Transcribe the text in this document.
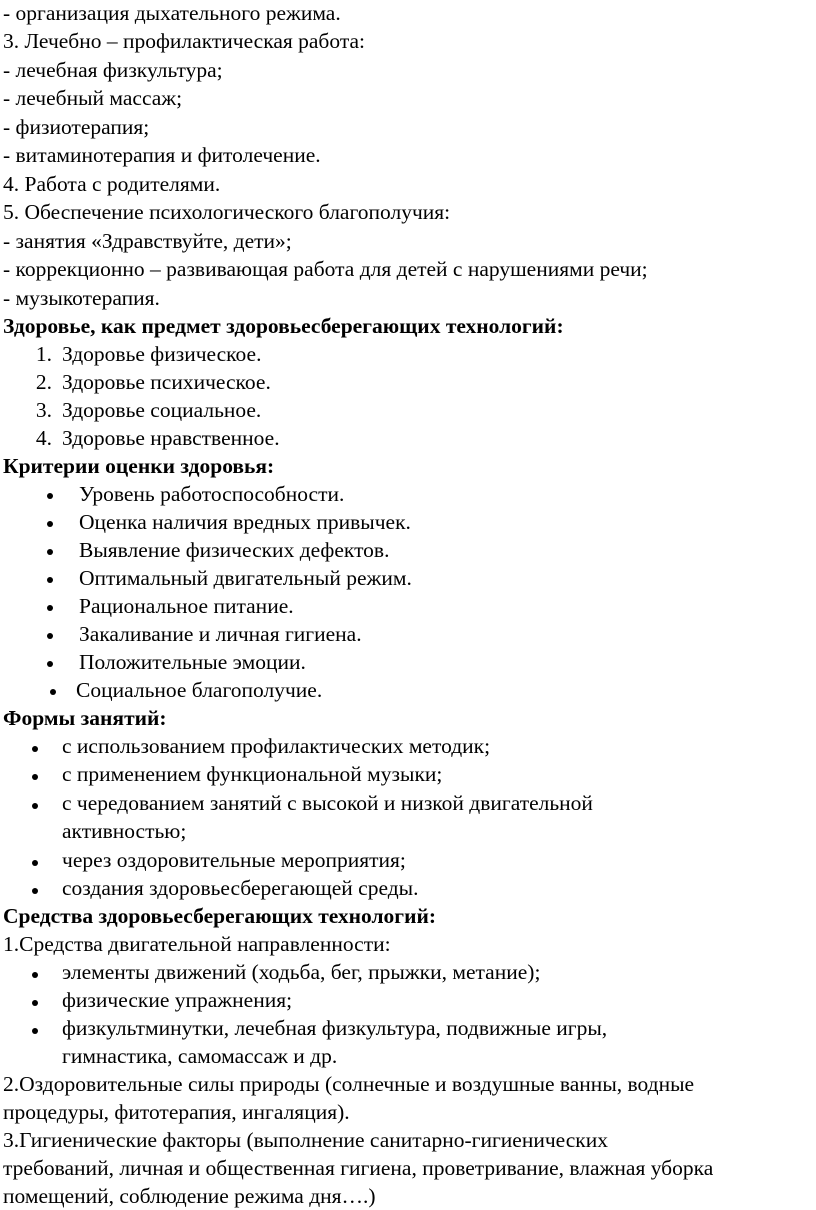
- организация дыхательного режима.
3. Лечебно – профилактическая работа:
- лечебная физкультура;
- лечебный массаж;
- физиотерапия;
- витаминотерапия и фитолечение.
4. Работа с родителями.
5. Обеспечение психологического благополучия:
- занятия «Здравствуйте, дети»;
- коррекционно – развивающая работа для детей с нарушениями речи;
- музыкотерапия.
Здоровье, как предмет здоровьесберегающих технологий:
1. Здоровье физическое.
2. Здоровье психическое.
3. Здоровье социальное.
4. Здоровье нравственное.
Критерии оценки здоровья:
Уровень работоспособности.
Оценка наличия вредных привычек.
Выявление физических дефектов.
Оптимальный двигательный режим.
Рациональное питание.
Закаливание и личная гигиена.
Положительные эмоции.
Социальное благополучие.
Формы занятий:
с использованием профилактических методик;
с применением функциональной музыки;
с чередованием занятий с высокой и низкой двигательной
активностью;
через оздоровительные мероприятия;
создания здоровьесберегающей среды.
Средства здоровьесберегающих технологий:
1.Средства двигательной направленности:
элементы движений (ходьба, бег, прыжки, метание);
физические упражнения;
физкультминутки, лечебная физкультура, подвижные игры,
гимнастика, самомассаж и др.
2.Оздоровительные силы природы (солнечные и воздушные ванны, водные
процедуры, фитотерапия, ингаляция).
3.Гигиенические факторы (выполнение санитарно-гигиенических
требований, личная и общественная гигиена, проветривание, влажная уборка
помещений, соблюдение режима дня….)
